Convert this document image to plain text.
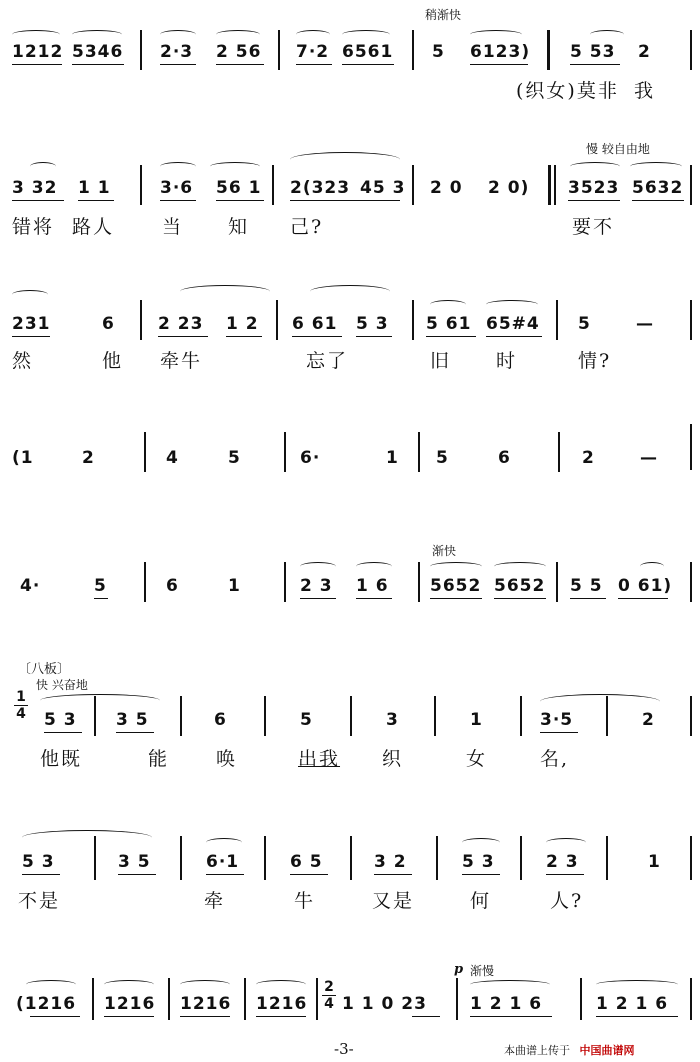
稍渐快
1212 5346 2·3 2 56 7·2 6561 5 6123) 5 53 2
(织女)莫非 我
慢 较自由地
3 32 1 1	3·6 56 1 2(323 45 3 2 0 2 0) 3523 5632
错将 路人	当 知 己?	要不
231	6	2 23 1 2 6 61 5 3 5 61 65#4 5	—
然	他 牵牛	忘了	旧 时	情?
(1	2	4	5	6·	1 5	6	2	—
渐快
4·	5	6	1	2 3 1 6 5652 5652 5 5 0 61)
〔八板〕
快 兴奋地
1
4 5 3 3 5	6	5	3	1	3·5	2
他既	能 唤	出我 织	女	名,
5 3	3 5	6·1	6 5	3 2	5 3	2 3	1
不是	牵	牛	又是	何	人?
p 渐慢
2
4
(1216 1216 1216 1216 1 1 0 23	1 2 1 6	1 2 1 6
-3-	本曲谱上传于 中国曲谱网
